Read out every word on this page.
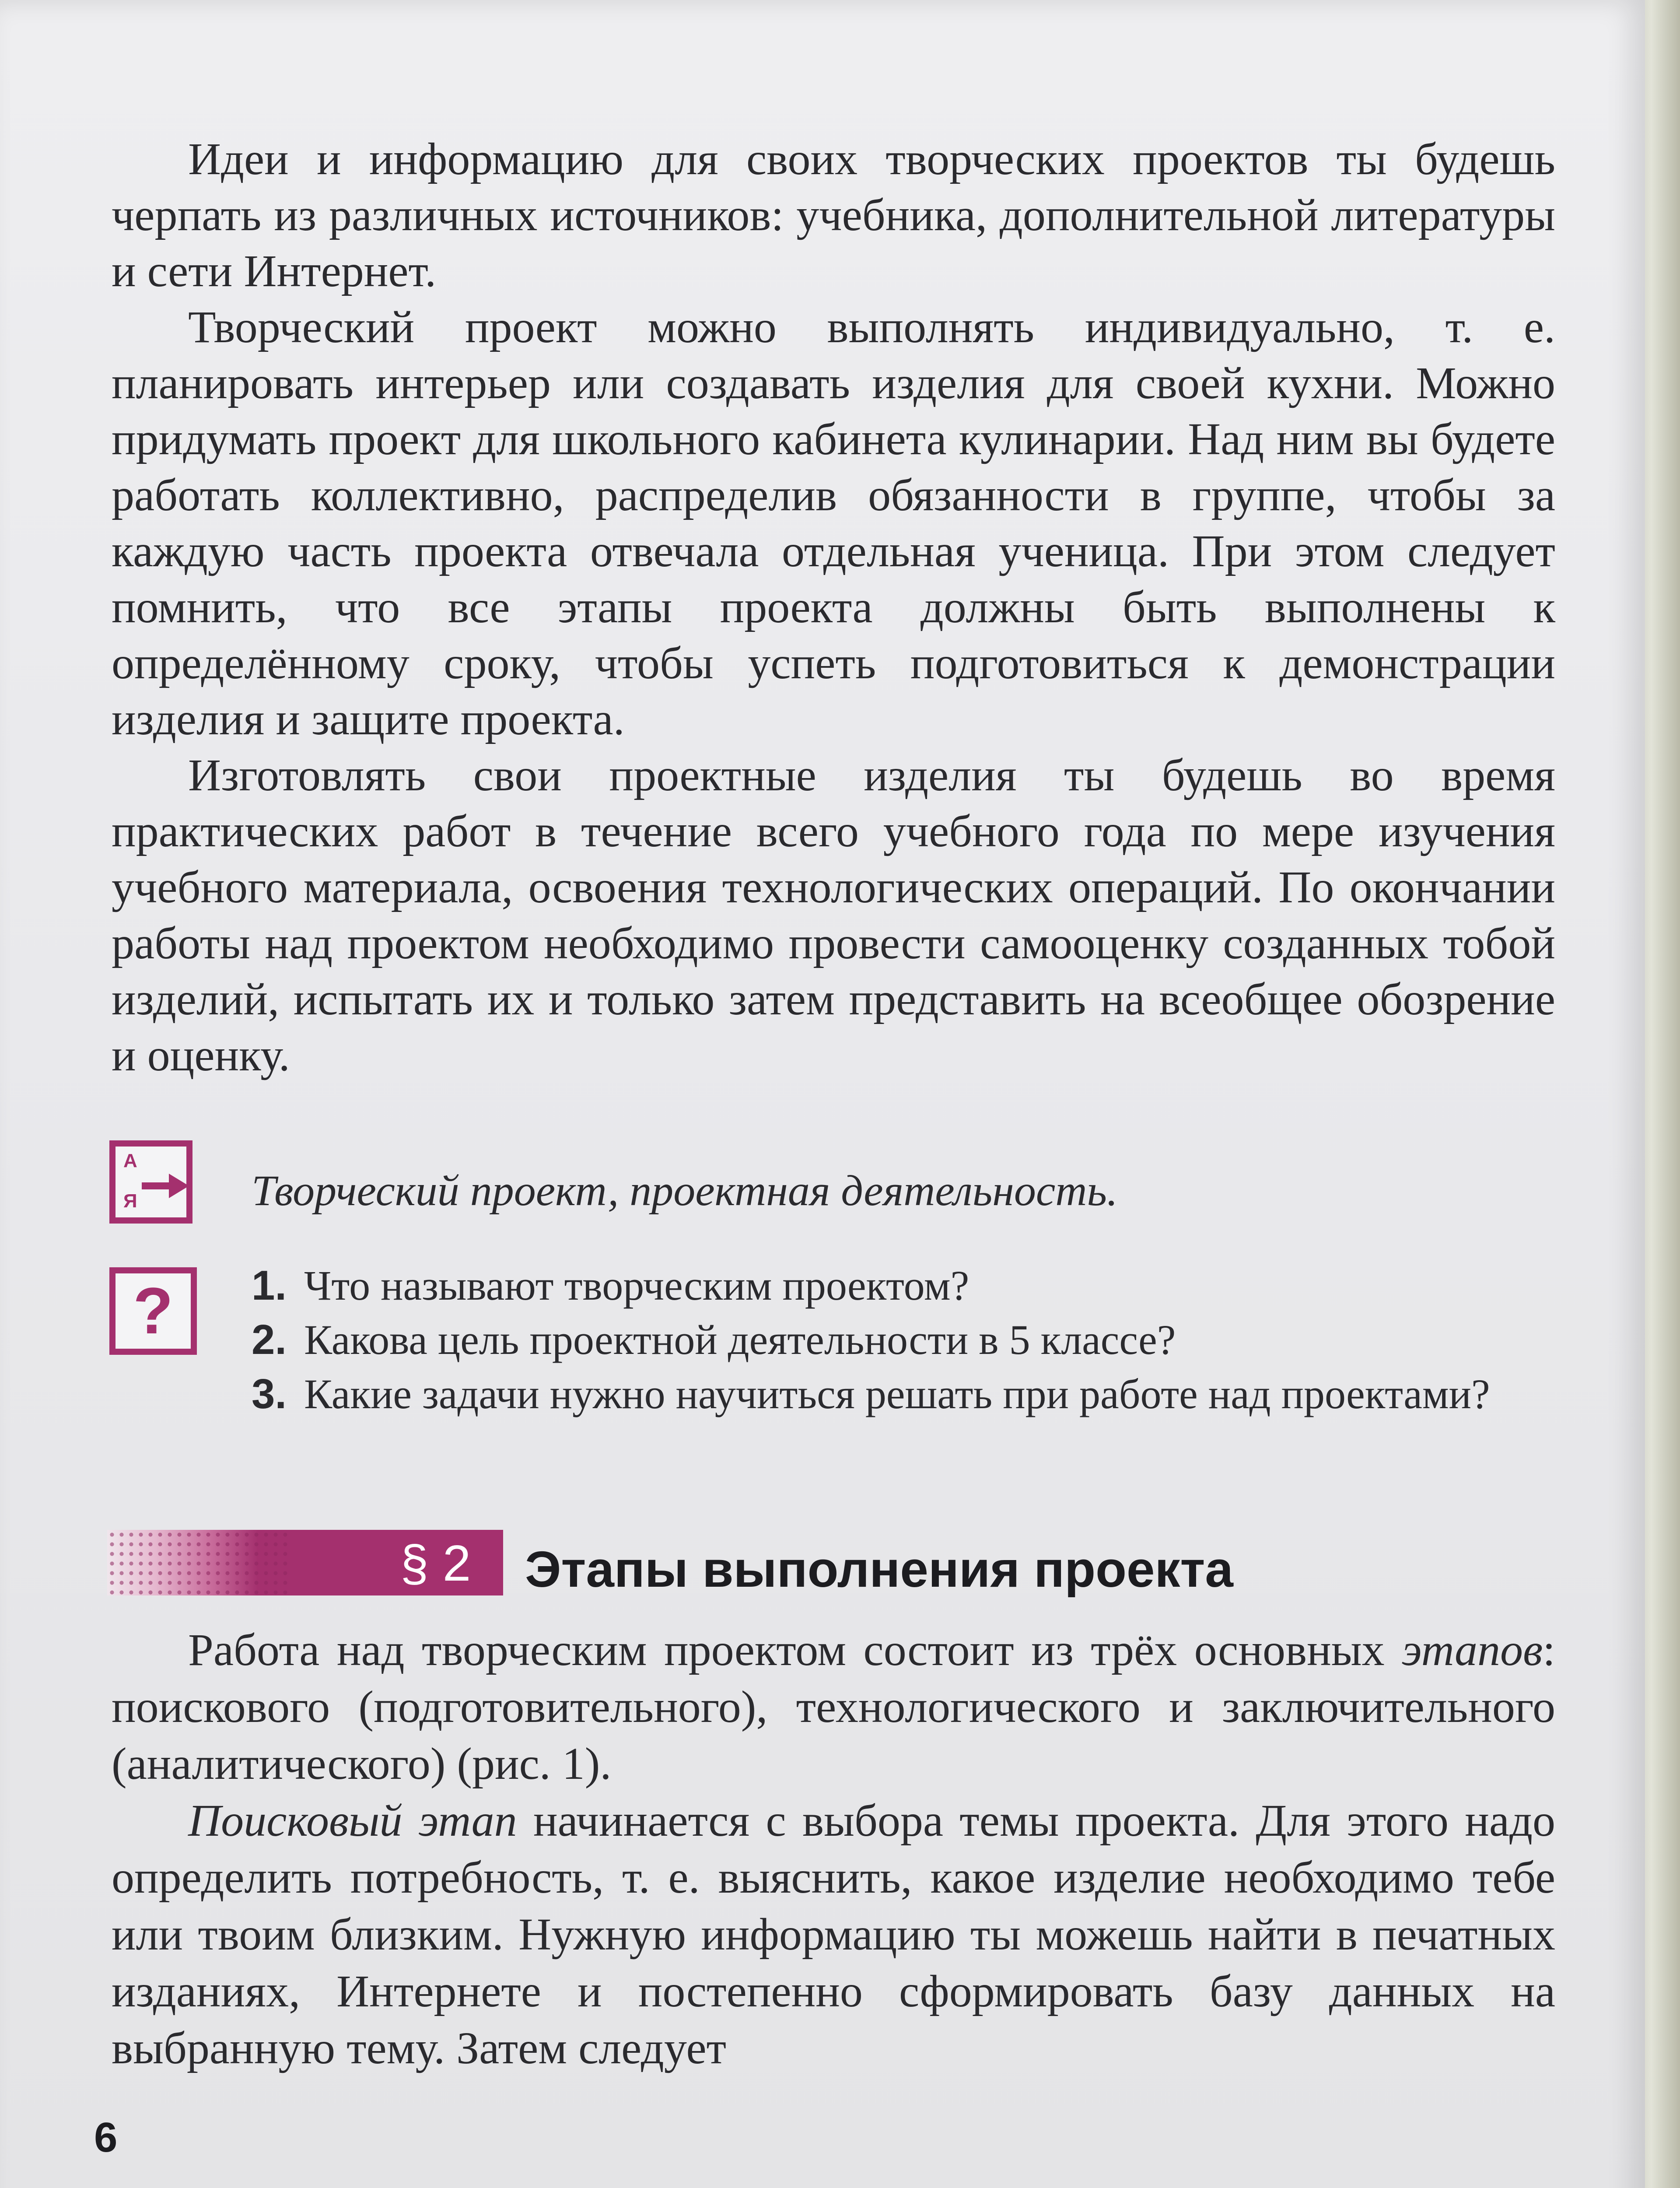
Идеи и информацию для своих творческих проектов ты будешь черпать из различных источников: учебника, дополнительной литературы и сети Интернет.

Творческий проект можно выполнять индивидуально, т. е. планировать интерьер или создавать изделия для своей кухни. Можно придумать проект для школьного кабинета кулинарии. Над ним вы будете работать коллективно, распределив обязанности в группе, чтобы за каждую часть проекта отвечала отдельная ученица. При этом следует помнить, что все этапы проекта должны быть выполнены к определённому сроку, чтобы успеть подготовиться к демонстрации изделия и защите проекта.

Изготовлять свои проектные изделия ты будешь во время практических работ в течение всего учебного года по мере изучения учебного материала, освоения технологических операций. По окончании работы над проектом необходимо провести самооценку созданных тобой изделий, испытать их и только затем представить на всеобщее обозрение и оценку.

А
Я	Творческий проект, проектная деятельность.
?	1. Что называют творческим проектом?
2. Какова цель проектной деятельности в 5 классе?
3. Какие задачи нужно научиться решать при работе над проектами?
§ 2 Этапы выполнения проекта

Работа над творческим проектом состоит из трёх основных этапов: поискового (подготовительного), технологического и заключительного (аналитического) (рис. 1).

Поисковый этап начинается с выбора темы проекта. Для этого надо определить потребность, т. е. выяснить, какое изделие необходимо тебе или твоим близким. Нужную информацию ты можешь найти в печатных изданиях, Интернете и постепенно сформировать базу данных на выбранную тему. Затем следует

6
